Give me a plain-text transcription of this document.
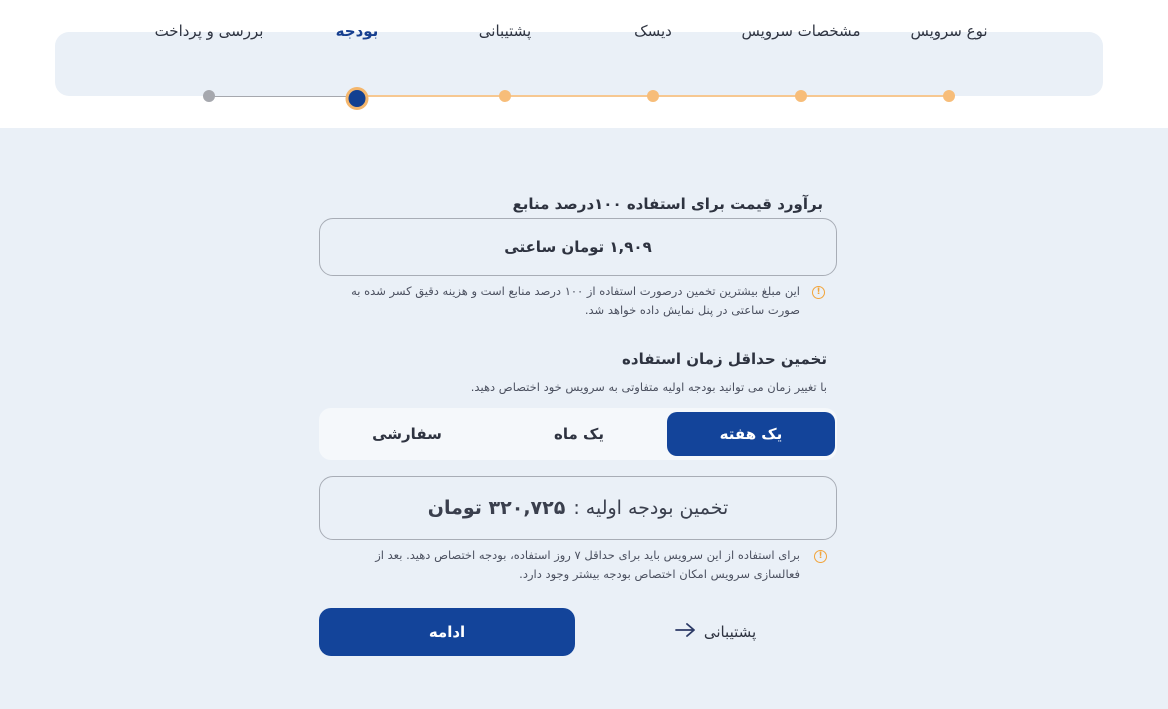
نوع سرویس
مشخصات سرویس
دیسک
پشتیبانی
بودجه
بررسی و پرداخت
برآورد قیمت برای استفاده ۱۰۰درصد منابع
۱,۹۰۹ تومان ساعتی
!
این مبلغ بیشترین تخمین درصورت استفاده از ۱۰۰ درصد منابع است و هزینه دقیق کسر شده به صورت ساعتی در پنل نمایش داده خواهد شد.
تخمین حداقل زمان استفاده
با تغییر زمان می توانید بودجه اولیه متفاوتی به سرویس خود اختصاص دهید.
یک هفته
یک ماه
سفارشی
تخمین بودجه اولیه :
۳۲۰,۷۲۵ تومان
!
برای استفاده از این سرویس باید برای حداقل ۷ روز استفاده، بودجه اختصاص دهید. بعد از فعالسازی سرویس امکان اختصاص بودجه بیشتر وجود دارد.
ادامه	پشتیبانی
